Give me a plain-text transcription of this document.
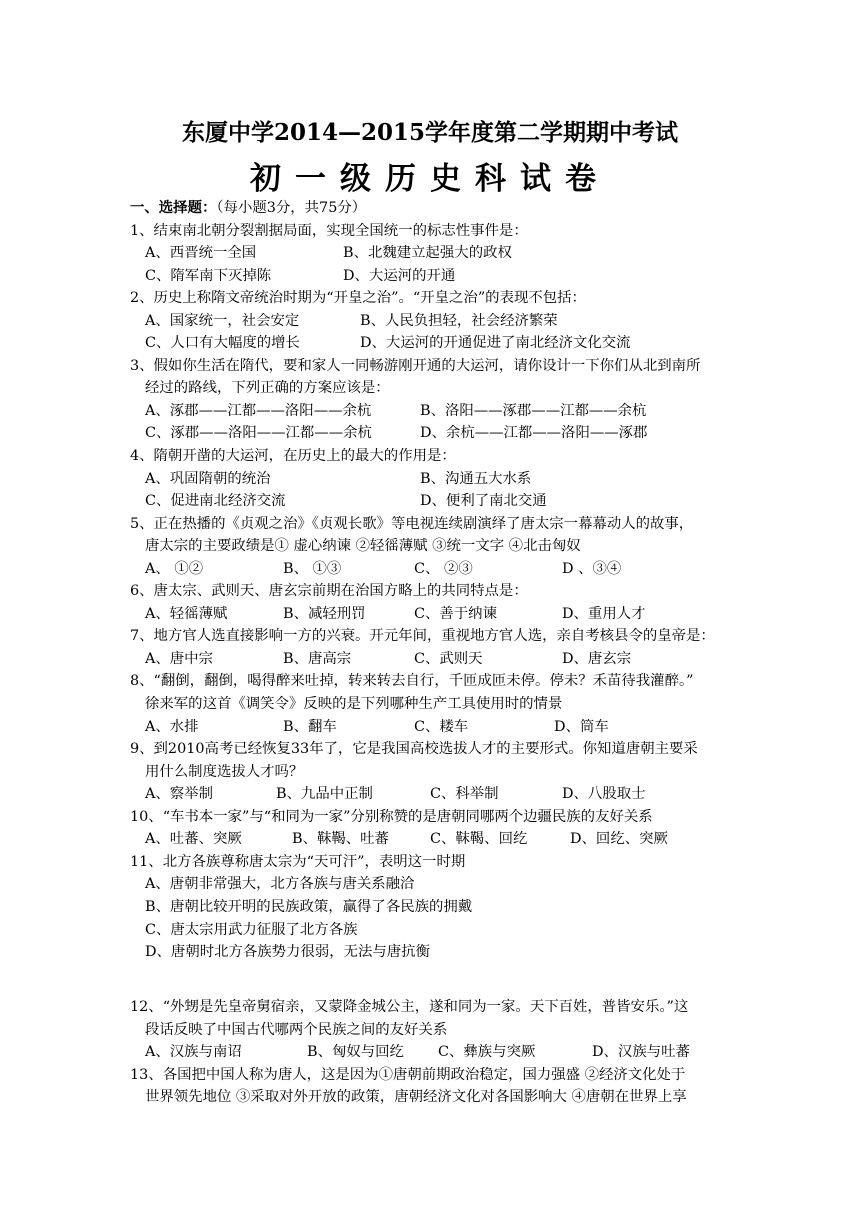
东厦中学2014—2015学年度第二学期期中考试
初一级历史科试卷
一、选择题：（每小题3分，共75分）
1、结束南北朝分裂割据局面，实现全国统一的标志性事件是：
A、西晋统一全国	B、北魏建立起强大的政权
C、隋军南下灭掉陈	D、大运河的开通
2、历史上称隋文帝统治时期为“开皇之治”。“开皇之治”的表现不包括：
A、国家统一，社会安定	B、人民负担轻，社会经济繁荣
C、人口有大幅度的增长	D、大运河的开通促进了南北经济文化交流
3、假如你生活在隋代，要和家人一同畅游刚开通的大运河，请你设计一下你们从北到南所
经过的路线，下列正确的方案应该是：
A、涿郡——江都——洛阳——余杭	B、洛阳——涿郡——江都——余杭
C、涿郡——洛阳——江都——余杭	D、余杭——江都——洛阳——涿郡
4、隋朝开凿的大运河，在历史上的最大的作用是：
A、巩固隋朝的统治	B、沟通五大水系
C、促进南北经济交流	D、便利了南北交通
5、正在热播的《贞观之治》《贞观长歌》等电视连续剧演绎了唐太宗一幕幕动人的故事，
唐太宗的主要政绩是① 虚心纳谏 ②轻徭薄赋 ③统一文字 ④北击匈奴
A、 ①②	B、 ①③	C、 ②③	D 、③④
6、唐太宗、武则天、唐玄宗前期在治国方略上的共同特点是：
A、轻徭薄赋	B、减轻刑罚	C、善于纳谏	D、重用人才
7、地方官人选直接影响一方的兴衰。开元年间，重视地方官人选，亲自考核县令的皇帝是：
A、唐中宗	B、唐高宗	C、武则天	D、唐玄宗
8、“翻倒，翻倒，喝得醉来吐掉，转来转去自行，千匝成匝未停。停未？禾苗待我灌醉。”
徐来军的这首《调笑令》反映的是下列哪种生产工具使用时的情景
A、水排	B、翻车	C、耧车	D、筒车
9、到2010高考已经恢复33年了，它是我国高校选拔人才的主要形式。你知道唐朝主要采
用什么制度选拔人才吗？
A、察举制	B、九品中正制	C、科举制	D、八股取士
10、“车书本一家”与“和同为一家”分别称赞的是唐朝同哪两个边疆民族的友好关系
A、吐蕃、突厥	B、靺鞨、吐蕃	C、靺鞨、回纥	D、回纥、突厥
11、北方各族尊称唐太宗为“天可汗”，表明这一时期
A、唐朝非常强大，北方各族与唐关系融洽
B、唐朝比较开明的民族政策，赢得了各民族的拥戴
C、唐太宗用武力征服了北方各族
D、唐朝时北方各族势力很弱，无法与唐抗衡
12、“外甥是先皇帝舅宿亲，又蒙降金城公主，遂和同为一家。天下百姓，普皆安乐。”这
段话反映了中国古代哪两个民族之间的友好关系
A、汉族与南诏	B、匈奴与回纥 C、彝族与突厥	D、汉族与吐蕃
13、各国把中国人称为唐人，这是因为①唐朝前期政治稳定，国力强盛 ②经济文化处于
世界领先地位 ③采取对外开放的政策，唐朝经济文化对各国影响大 ④唐朝在世界上享
